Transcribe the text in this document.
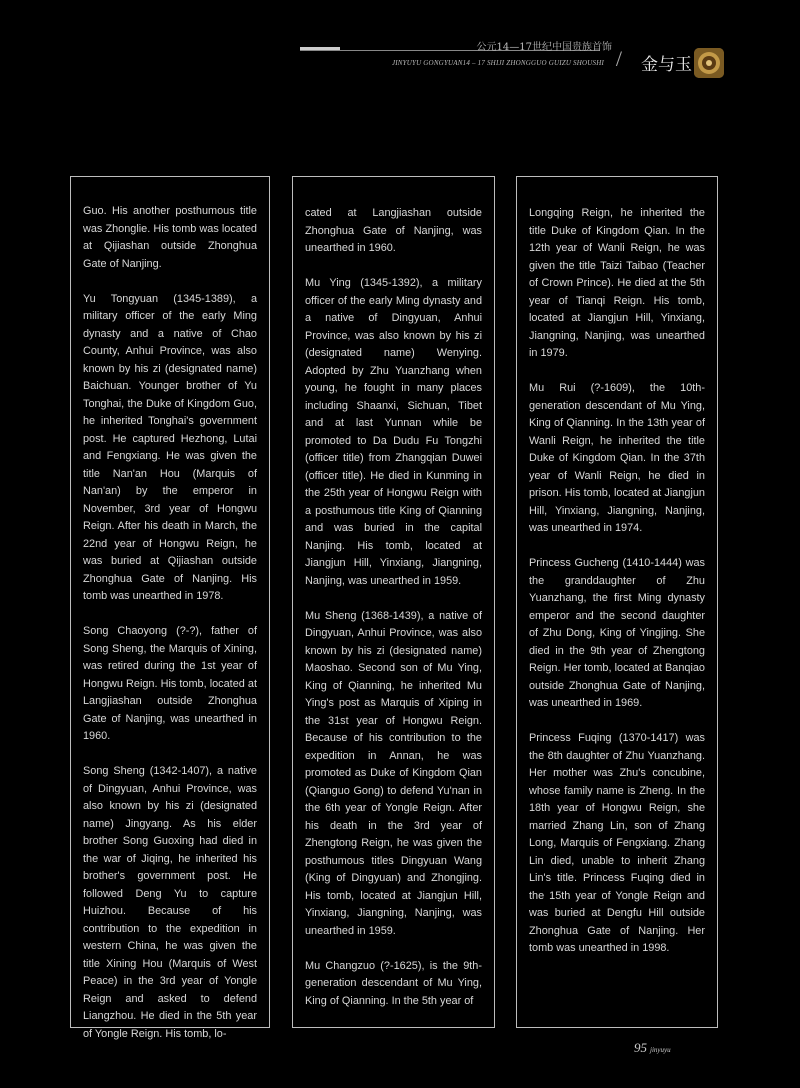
公元14—17世纪中国贵族首饰
JINYUYU GONGYUAN14 – 17 SHIJI ZHONGGUO GUIZU SHOUSHI / 金与玉

Guo. His another posthumous title was Zhonglie. His tomb was located at Qijiashan outside Zhonghua Gate of Nanjing.

Yu Tongyuan (1345-1389), a military officer of the early Ming dynasty and a native of Chao County, Anhui Province, was also known by his zi (designated name) Baichuan. Younger brother of Yu Tonghai, the Duke of Kingdom Guo, he inherited Tonghai's government post. He captured Hezhong, Lutai and Fengxiang. He was given the title Nan'an Hou (Marquis of Nan'an) by the emperor in November, 3rd year of Hongwu Reign. After his death in March, the 22nd year of Hongwu Reign, he was buried at Qijiashan outside Zhonghua Gate of Nanjing. His tomb was unearthed in 1978.

Song Chaoyong (?-?), father of Song Sheng, the Marquis of Xining, was retired during the 1st year of Hongwu Reign. His tomb, located at Langjiashan outside Zhonghua Gate of Nanjing, was unearthed in 1960.

Song Sheng (1342-1407), a native of Dingyuan, Anhui Province, was also known by his zi (designated name) Jingyang. As his elder brother Song Guoxing had died in the war of Jiqing, he inherited his brother's government post. He followed Deng Yu to capture Huizhou. Because of his contribution to the expedition in western China, he was given the title Xining Hou (Marquis of West Peace) in the 3rd year of Yongle Reign and asked to defend Liangzhou. He died in the 5th year of Yongle Reign. His tomb, lo-

cated at Langjiashan outside Zhonghua Gate of Nanjing, was unearthed in 1960.

Mu Ying (1345-1392), a military officer of the early Ming dynasty and a native of Dingyuan, Anhui Province, was also known by his zi (designated name) Wenying. Adopted by Zhu Yuanzhang when young, he fought in many places including Shaanxi, Sichuan, Tibet and at last Yunnan while be promoted to Da Dudu Fu Tongzhi (officer title) from Zhangqian Duwei (officer title). He died in Kunming in the 25th year of Hongwu Reign with a posthumous title King of Qianning and was buried in the capital Nanjing. His tomb, located at Jiangjun Hill, Yinxiang, Jiangning, Nanjing, was unearthed in 1959.

Mu Sheng (1368-1439), a native of Dingyuan, Anhui Province, was also known by his zi (designated name) Maoshao. Second son of Mu Ying, King of Qianning, he inherited Mu Ying's post as Marquis of Xiping in the 31st year of Hongwu Reign. Because of his contribution to the expedition in Annan, he was promoted as Duke of Kingdom Qian (Qianguo Gong) to defend Yu'nan in the 6th year of Yongle Reign. After his death in the 3rd year of Zhengtong Reign, he was given the posthumous titles Dingyuan Wang (King of Dingyuan) and Zhongjing. His tomb, located at Jiangjun Hill, Yinxiang, Jiangning, Nanjing, was unearthed in 1959.

Mu Changzuo (?-1625), is the 9th-generation descendant of Mu Ying, King of Qianning. In the 5th year of

Longqing Reign, he inherited the title Duke of Kingdom Qian. In the 12th year of Wanli Reign, he was given the title Taizi Taibao (Teacher of Crown Prince). He died at the 5th year of Tianqi Reign. His tomb, located at Jiangjun Hill, Yinxiang, Jiangning, Nanjing, was unearthed in 1979.

Mu Rui (?-1609), the 10th-generation descendant of Mu Ying, King of Qianning. In the 13th year of Wanli Reign, he inherited the title Duke of Kingdom Qian. In the 37th year of Wanli Reign, he died in prison. His tomb, located at Jiangjun Hill, Yinxiang, Jiangning, Nanjing, was unearthed in 1974.

Princess Gucheng (1410-1444) was the granddaughter of Zhu Yuanzhang, the first Ming dynasty emperor and the second daughter of Zhu Dong, King of Yingjing. She died in the 9th year of Zhengtong Reign. Her tomb, located at Banqiao outside Zhonghua Gate of Nanjing, was unearthed in 1969.

Princess Fuqing (1370-1417) was the 8th daughter of Zhu Yuanzhang. Her mother was Zhu's concubine, whose family name is Zheng. In the 18th year of Hongwu Reign, she married Zhang Lin, son of Zhang Long, Marquis of Fengxiang. Zhang Lin died, unable to inherit Zhang Lin's title. Princess Fuqing died in the 15th year of Yongle Reign and was buried at Dengfu Hill outside Zhonghua Gate of Nanjing. Her tomb was unearthed in 1998.

95 jinyuyu
